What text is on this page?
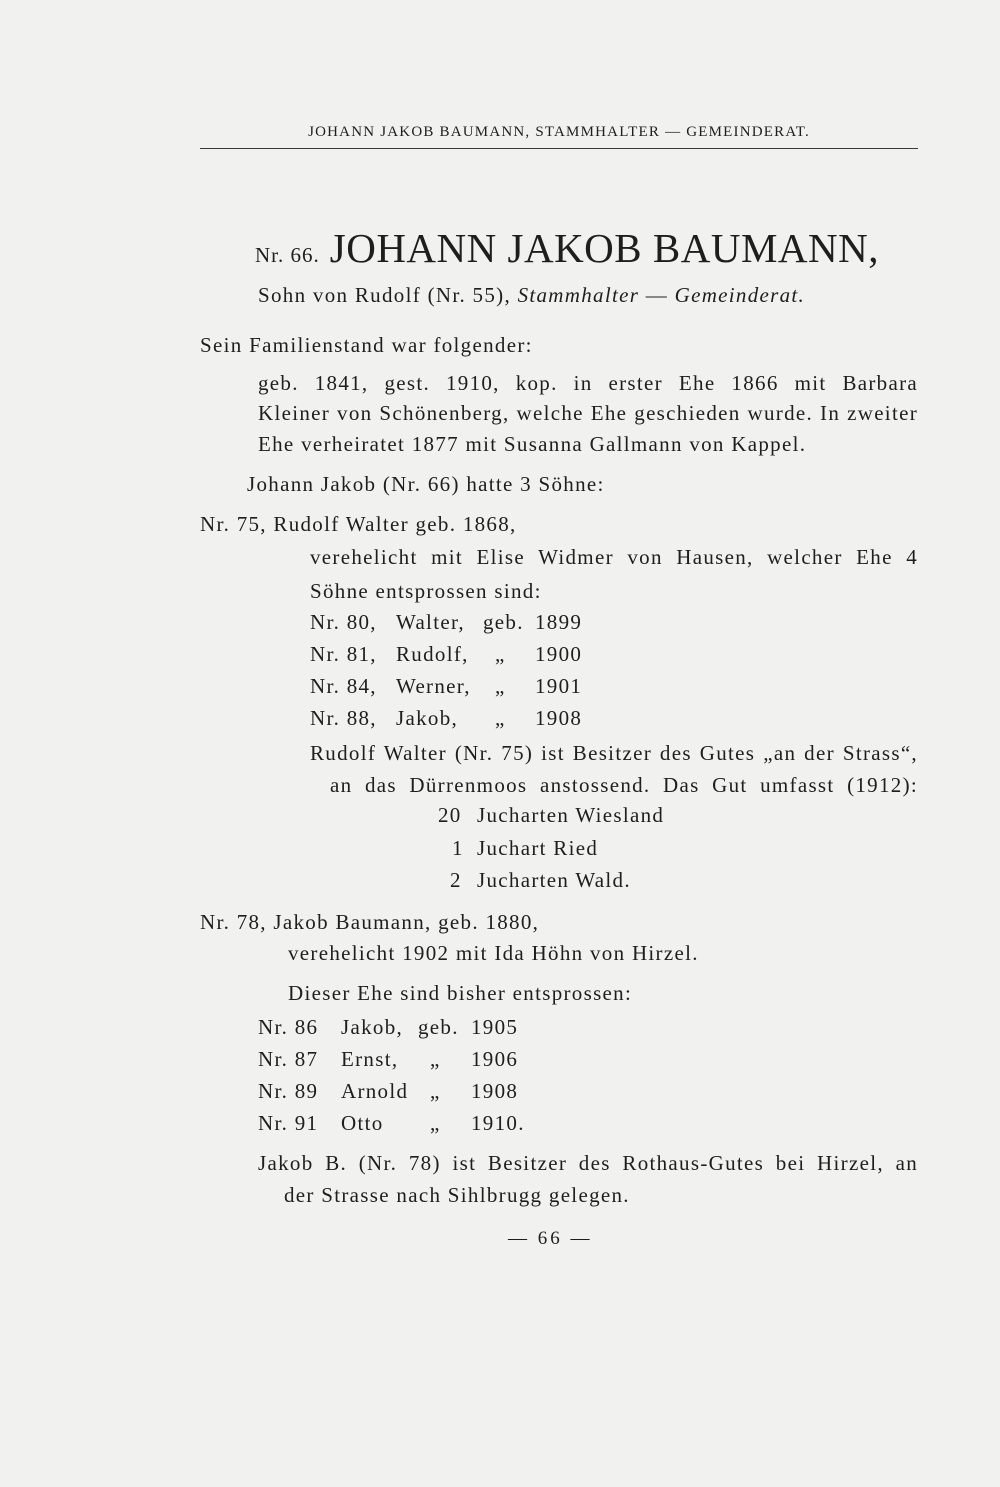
JOHANN JAKOB BAUMANN, STAMMHALTER — GEMEINDERAT.
Nr. 66. JOHANN JAKOB BAUMANN,
Sohn von Rudolf (Nr. 55), Stammhalter — Gemeinderat.
Sein Familienstand war folgender:
geb. 1841, gest. 1910, kop. in erster Ehe 1866 mit Barbara
Kleiner von Schönenberg, welche Ehe geschieden wurde. In zweiter
Ehe verheiratet 1877 mit Susanna Gallmann von Kappel.
Johann Jakob (Nr. 66) hatte 3 Söhne:
Nr. 75, Rudolf Walter geb. 1868,
verehelicht mit Elise Widmer von Hausen, welcher Ehe 4
Söhne entsprossen sind:
Nr. 80, Walter, geb. 1899
Nr. 81, Rudolf, „ 1900
Nr. 84, Werner, „ 1901
Nr. 88, Jakob, „ 1908
Rudolf Walter (Nr. 75) ist Besitzer des Gutes „an der Strass“,
an das Dürrenmoos anstossend. Das Gut umfasst (1912):
20 Jucharten Wiesland
1 Juchart Ried
2 Jucharten Wald.
Nr. 78, Jakob Baumann, geb. 1880,
verehelicht 1902 mit Ida Höhn von Hirzel.
Dieser Ehe sind bisher entsprossen:
Nr. 86 Jakob, geb. 1905
Nr. 87 Ernst, „ 1906
Nr. 89 Arnold „ 1908
Nr. 91 Otto „ 1910.
Jakob B. (Nr. 78) ist Besitzer des Rothaus-Gutes bei Hirzel, an
der Strasse nach Sihlbrugg gelegen.
— 66 —
